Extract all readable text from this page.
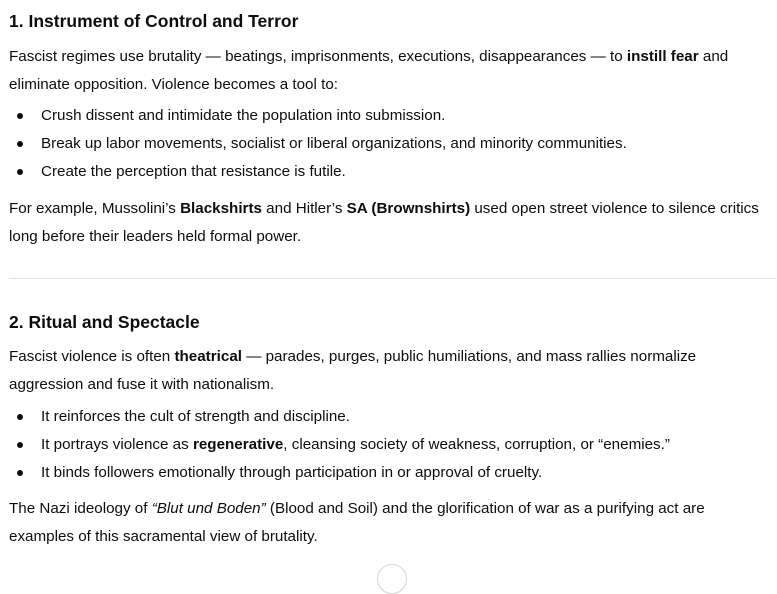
1. Instrument of Control and Terror
Fascist regimes use brutality — beatings, imprisonments, executions, disappearances — to instill fear and
eliminate opposition. Violence becomes a tool to:
Crush dissent and intimidate the population into submission.
Break up labor movements, socialist or liberal organizations, and minority communities.
Create the perception that resistance is futile.
For example, Mussolini’s Blackshirts and Hitler’s SA (Brownshirts) used open street violence to silence critics
long before their leaders held formal power.
2. Ritual and Spectacle
Fascist violence is often theatrical — parades, purges, public humiliations, and mass rallies normalize
aggression and fuse it with nationalism.
It reinforces the cult of strength and discipline.
It portrays violence as regenerative, cleansing society of weakness, corruption, or “enemies.”
It binds followers emotionally through participation in or approval of cruelty.
The Nazi ideology of “Blut und Boden” (Blood and Soil) and the glorification of war as a purifying act are
examples of this sacramental view of brutality.
